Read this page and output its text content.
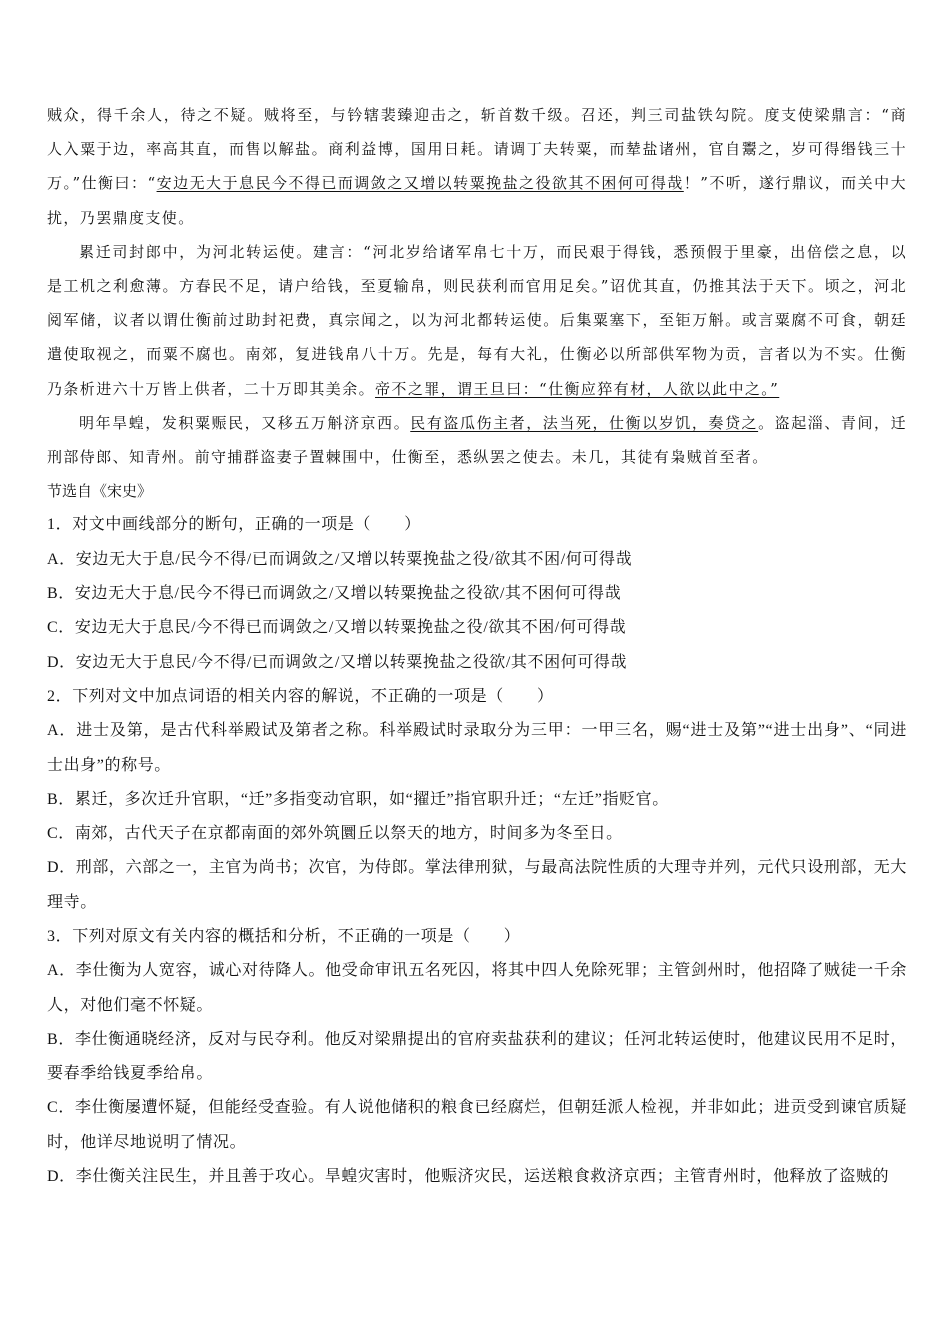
贼众，得千余人，待之不疑。贼将至，与钤辖裴臻迎击之，斩首数千级。召还，判三司盐铁勾院。度支使梁鼎言：“商人入粟于边，率高其直，而售以解盐。商利益博，国用日耗。请调丁夫转粟，而辇盐诸州，官自鬻之，岁可得缗钱三十万。”仕衡曰：“安边无大于息民今不得已而调敛之又增以转粟挽盐之役欲其不困何可得哉！”不听，遂行鼎议，而关中大扰，乃罢鼎度支使。
累迁司封郎中，为河北转运使。建言：“河北岁给诸军帛七十万，而民艰于得钱，悉预假于里豪，出倍偿之息，以是工机之利愈薄。方春民不足，请户给钱，至夏输帛，则民获利而官用足矣。”诏优其直，仍推其法于天下。顷之，河北阅军储，议者以谓仕衡前过助封祀费，真宗闻之，以为河北都转运使。后集粟塞下，至钜万斛。或言粟腐不可食，朝廷遣使取视之，而粟不腐也。南郊，复进钱帛八十万。先是，每有大礼，仕衡必以所部供军物为贡，言者以为不实。仕衡乃条析进六十万皆上供者，二十万即其美余。帝不之罪，谓王旦曰：“仕衡应猝有材，人欲以此中之。”
明年旱蝗，发积粟赈民，又移五万斛济京西。民有盗瓜伤主者，法当死，仕衡以岁饥，奏贷之。盗起淄、青间，迁刑部侍郎、知青州。前守捕群盗妻子置棘围中，仕衡至，悉纵罢之使去。未几，其徒有枭贼首至者。
节选自《宋史》
1．对文中画线部分的断句，正确的一项是（　　）
A．安边无大于息/民今不得/已而调敛之/又增以转粟挽盐之役/欲其不困/何可得哉
B．安边无大于息/民今不得已而调敛之/又增以转粟挽盐之役欲/其不困何可得哉
C．安边无大于息民/今不得已而调敛之/又增以转粟挽盐之役/欲其不困/何可得哉
D．安边无大于息民/今不得/已而调敛之/又增以转粟挽盐之役欲/其不困何可得哉
2．下列对文中加点词语的相关内容的解说，不正确的一项是（　　）
A．进士及第，是古代科举殿试及第者之称。科举殿试时录取分为三甲：一甲三名，赐“进士及第”“进士出身”、“同进士出身”的称号。
B．累迁，多次迁升官职，“迁”多指变动官职，如“擢迁”指官职升迁；“左迁”指贬官。
C．南郊，古代天子在京都南面的郊外筑圜丘以祭天的地方，时间多为冬至日。
D．刑部，六部之一，主官为尚书；次官，为侍郎。掌法律刑狱，与最高法院性质的大理寺并列，元代只设刑部，无大理寺。
3．下列对原文有关内容的概括和分析，不正确的一项是（　　）
A．李仕衡为人宽容，诚心对待降人。他受命审讯五名死囚，将其中四人免除死罪；主管剑州时，他招降了贼徒一千余人，对他们毫不怀疑。
B．李仕衡通晓经济，反对与民夺利。他反对梁鼎提出的官府卖盐获利的建议；任河北转运使时，他建议民用不足时，要春季给钱夏季给帛。
C．李仕衡屡遭怀疑，但能经受查验。有人说他储积的粮食已经腐烂，但朝廷派人检视，并非如此；进贡受到谏官质疑时，他详尽地说明了情况。
D．李仕衡关注民生，并且善于攻心。旱蝗灾害时，他赈济灾民，运送粮食救济京西；主管青州时，他释放了盗贼的
